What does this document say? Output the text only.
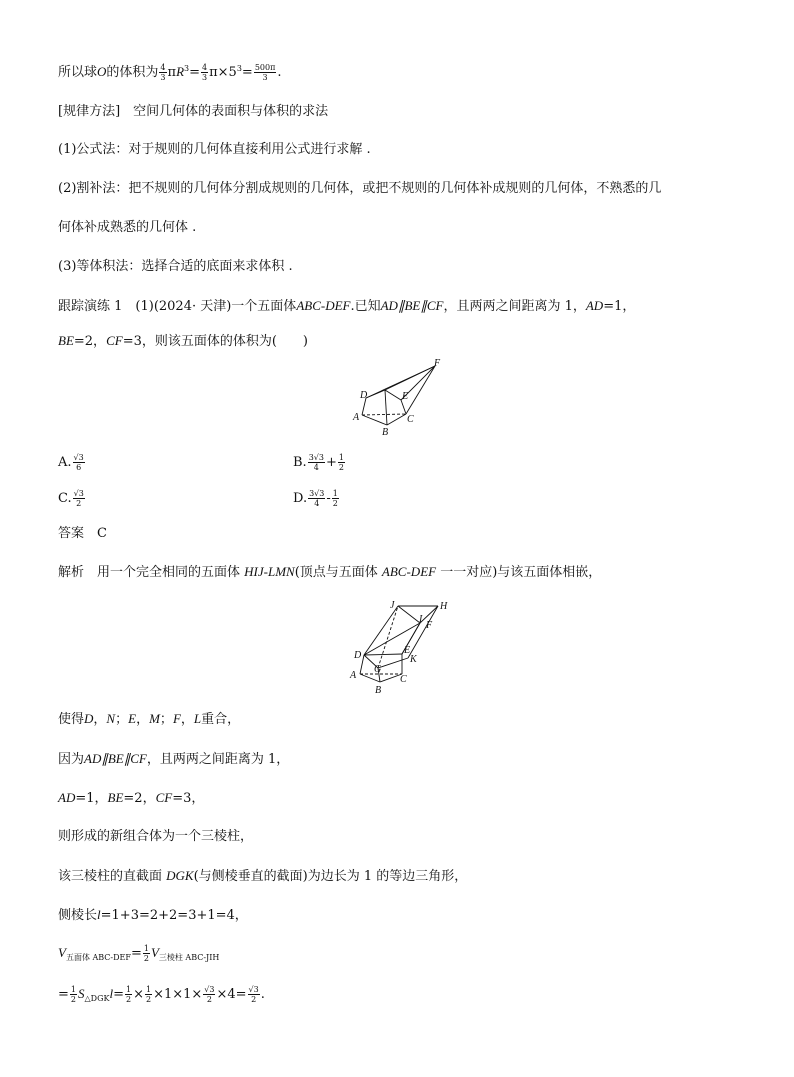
所以球O的体积为 $\frac{4}{3} \pi R^3= \frac{4}{3} \pi\times 5^3= \frac{500\pi}{3}$ .
[规律方法]　空间几何体的表面积与体积的求法
(1)公式法：对于规则的几何体直接利用公式进行求解 .
(2)割补法：把不规则的几何体分割成规则的几何体，或把不规则的几何体补成规则的几何体，不熟悉的几
何体补成熟悉的几何体 .
(3)等体积法：选择合适的底面来求体积 .
跟踪演练 1　(1)(2024· 天津)一个五面体ABC-DEF.已知AD∥BE∥CF，且两两之间距离为 1，AD=1，
BE=2，CF=3，则该五面体的体积为(　　)
F
D	E
A	C
B
A. $\frac{√3}{6}$	B. $\frac{3√3}{4} + \frac{1}{2}$
C. $\frac{√3}{2}$	D. $\frac{3√3}{4} - \frac{1}{2}$
答案　C
解析　用一个完全相同的五面体 HIJ-LMN(顶点与五面体 ABC-DEF 一一对应)与该五面体相嵌，
J	H
I
F
E
D	K
G
A	C
B
使得D，N；E，M；F，L重合，
因为AD∥BE∥CF，且两两之间距离为 1，
AD=1，BE=2，CF=3，
则形成的新组合体为一个三棱柱，
该三棱柱的直截面 DGK(与侧棱垂直的截面)为边长为 1 的等边三角形，
侧棱长l=1+3=2+2=3+1=4，
$V_{五面体 ABC-DEF}= \frac{1}{2} V_{三棱柱 ABC-JIH}$
= $\frac{1}{2} S_{\triangle DGK}l= \frac{1}{2} \times \frac{1}{2} \times 1\times 1\times \frac{√3}{2} \times 4= \frac{√3}{2}$ .
